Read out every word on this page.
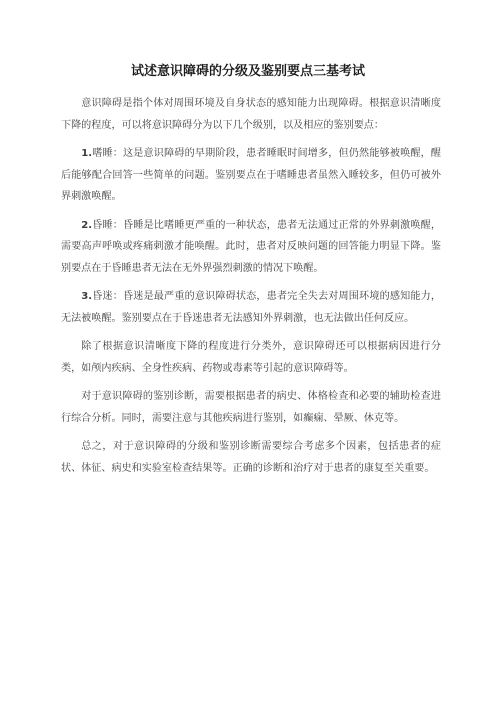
试述意识障碍的分级及鉴别要点三基考试

意识障碍是指个体对周围环境及自身状态的感知能力出现障碍。根据意识清晰度下降的程度，可以将意识障碍分为以下几个级别，以及相应的鉴别要点：

1.嗜睡：这是意识障碍的早期阶段，患者睡眠时间增多，但仍然能够被唤醒，醒后能够配合回答一些简单的问题。鉴别要点在于嗜睡患者虽然入睡较多，但仍可被外界刺激唤醒。

2.昏睡：昏睡是比嗜睡更严重的一种状态，患者无法通过正常的外界刺激唤醒，需要高声呼唤或疼痛刺激才能唤醒。此时，患者对反映问题的回答能力明显下降。鉴别要点在于昏睡患者无法在无外界强烈刺激的情况下唤醒。

3.昏迷：昏迷是最严重的意识障碍状态，患者完全失去对周围环境的感知能力，无法被唤醒。鉴别要点在于昏迷患者无法感知外界刺激，也无法做出任何反应。

除了根据意识清晰度下降的程度进行分类外，意识障碍还可以根据病因进行分类，如颅内疾病、全身性疾病、药物或毒素等引起的意识障碍等。

对于意识障碍的鉴别诊断，需要根据患者的病史、体格检查和必要的辅助检查进行综合分析。同时，需要注意与其他疾病进行鉴别，如癫痫、晕厥、休克等。

总之，对于意识障碍的分级和鉴别诊断需要综合考虑多个因素，包括患者的症状、体征、病史和实验室检查结果等。正确的诊断和治疗对于患者的康复至关重要。
